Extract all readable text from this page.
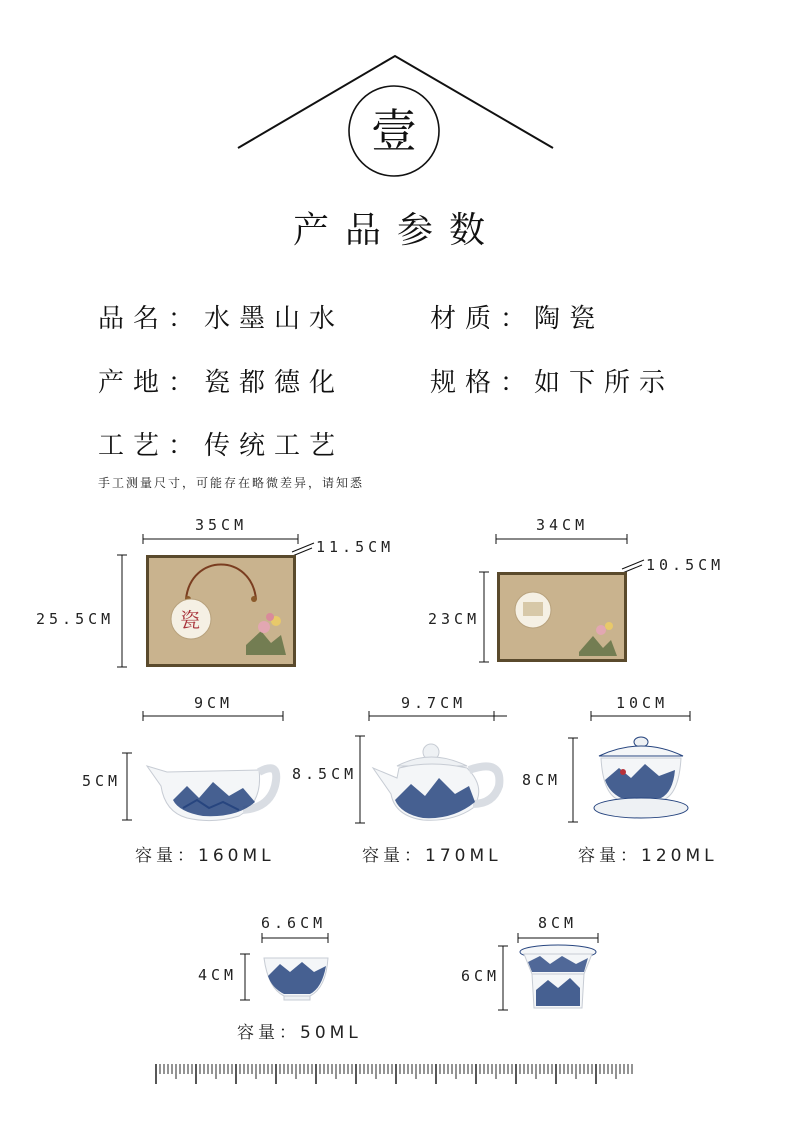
壹
产品参数
品名： 水墨山水	材质：
陶瓷
产地： 瓷都德化	规格：
如下所示
工艺： 传统工艺
手工测量尺寸，可能存在略微差异，请知悉
35CM
25.5CM
11.5CM
瓷
34CM
23CM
10.5CM
9CM
5CM
容量：160ML
9.7CM
8.5CM
容量：170ML
10CM
8CM
容量：120ML
6.6CM
4CM
容量：50ML
8CM
6CM
